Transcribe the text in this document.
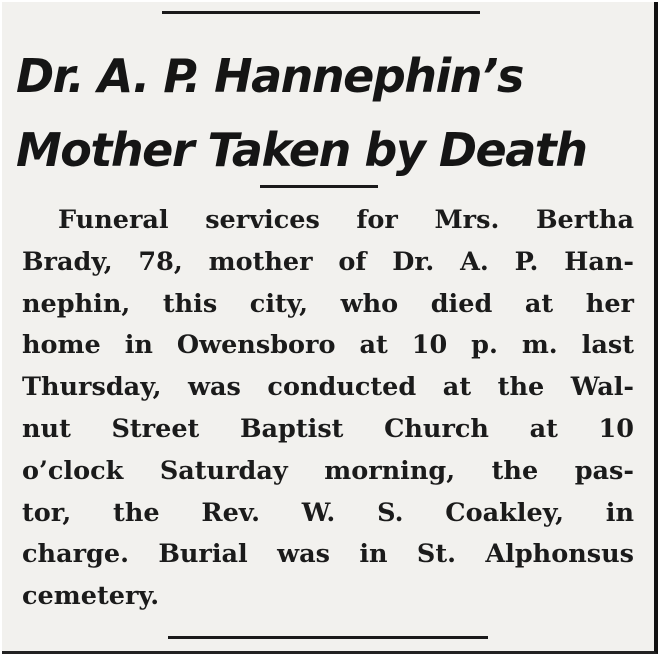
Dr. A. P. Hannephin’s
Mother Taken by Death
Funeral services for Mrs. Bertha
Brady, 78, mother of Dr. A. P. Han-
nephin, this city, who died at her
home in Owensboro at 10 p. m. last
Thursday, was conducted at the Wal-
nut Street Baptist Church at 10
o’clock Saturday morning, the pas-
tor, the Rev. W. S. Coakley, in
charge. Burial was in St. Alphonsus
cemetery.
